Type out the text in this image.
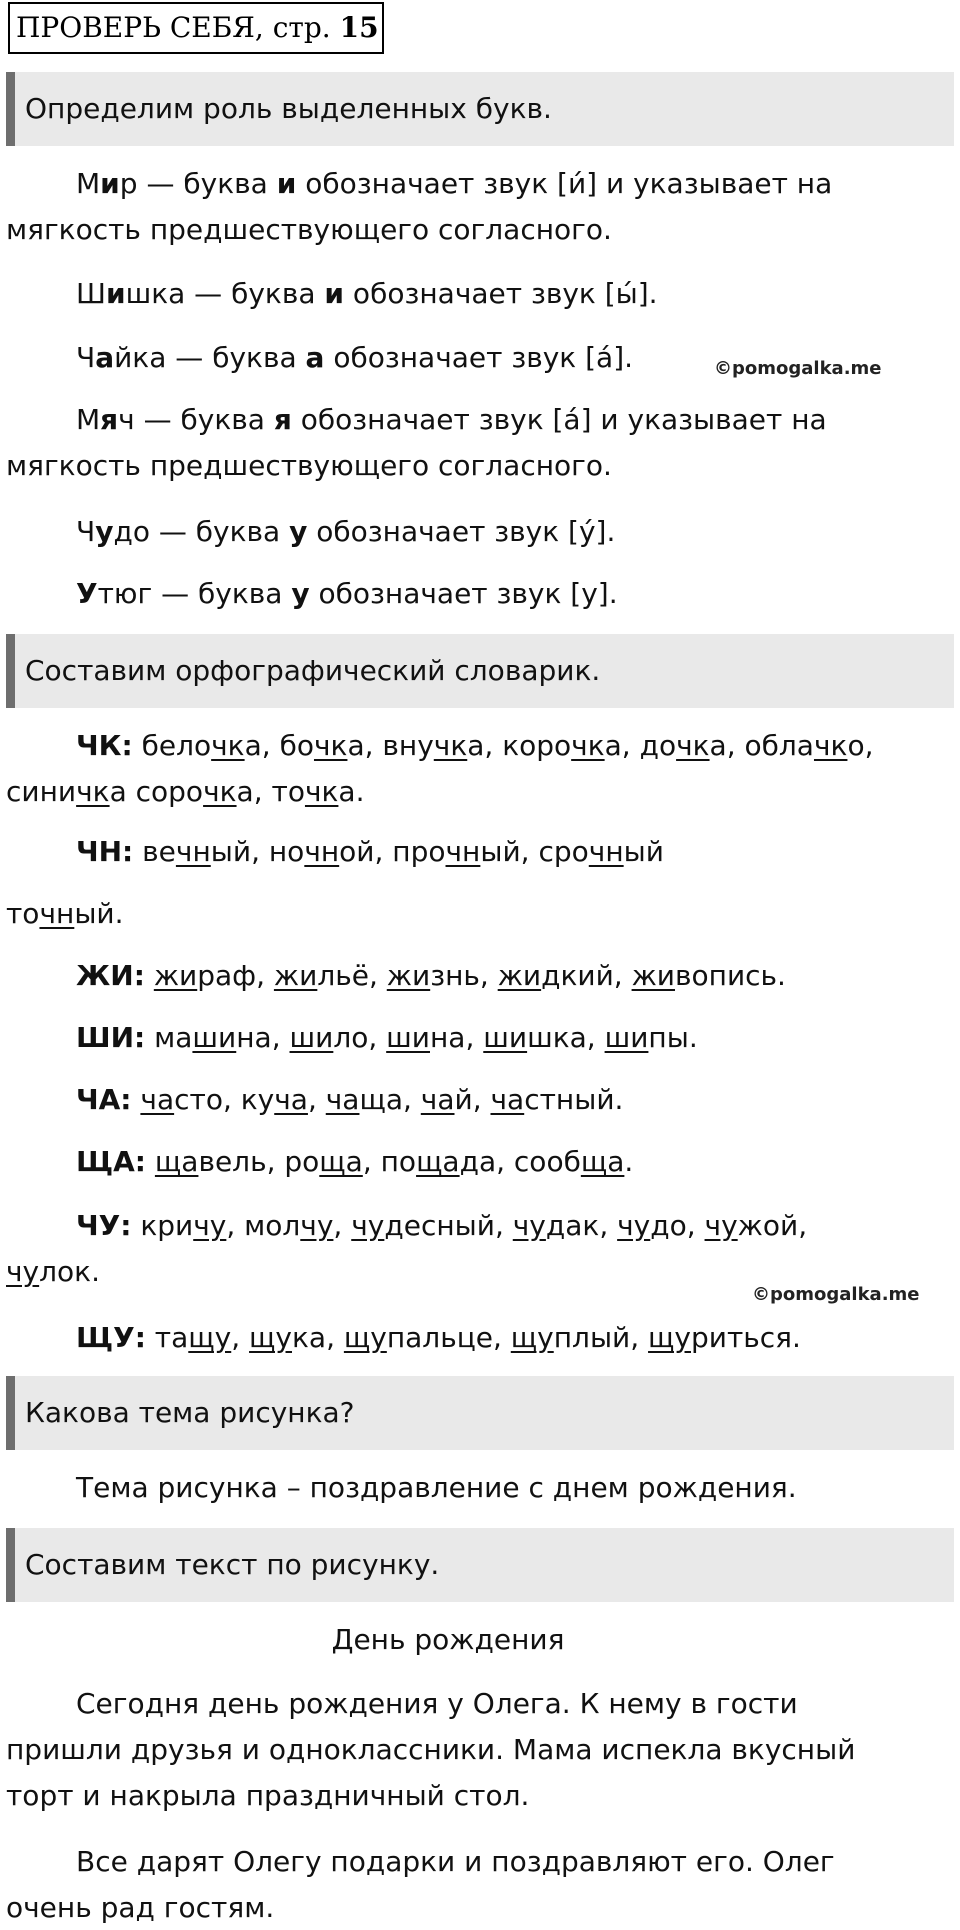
ПРОВЕРЬ СЕБЯ, стр. 15
Определим роль выделенных букв.
Мир — буква и обозначает звук [и́] и указывает на
мягкость предшествующего согласного.
Шишка — буква и обозначает звук [ы́].
Чайка — буква а обозначает звук [а́].	©pomogalka.me
Мяч — буква я обозначает звук [а́] и указывает на
мягкость предшествующего согласного.
Чудо — буква у обозначает звук [у́].
Утюг — буква у обозначает звук [у].
Составим орфографический словарик.
ЧК: белочка, бочка, внучка, корочка, дочка, облачко,
синичка сорочка, точка.
ЧН: вечный, ночной, прочный, срочный
точный.
ЖИ: жираф, жильё, жизнь, жидкий, живопись.
ШИ: машина, шило, шина, шишка, шипы.
ЧА: часто, куча, чаща, чай, частный.
ЩА: щавель, роща, пощада, сообща.
ЧУ: кричу, молчу, чудесный, чудак, чудо, чужой,
чулок.
©pomogalka.me
ЩУ: тащу, щука, щупальце, щуплый, щуриться.
Какова тема рисунка?
Тема рисунка – поздравление с днем рождения.
Составим текст по рисунку.
День рождения
Сегодня день рождения у Олега. К нему в гости
пришли друзья и одноклассники. Мама испекла вкусный
торт и накрыла праздничный стол.
Все дарят Олегу подарки и поздравляют его. Олег
очень рад гостям.
